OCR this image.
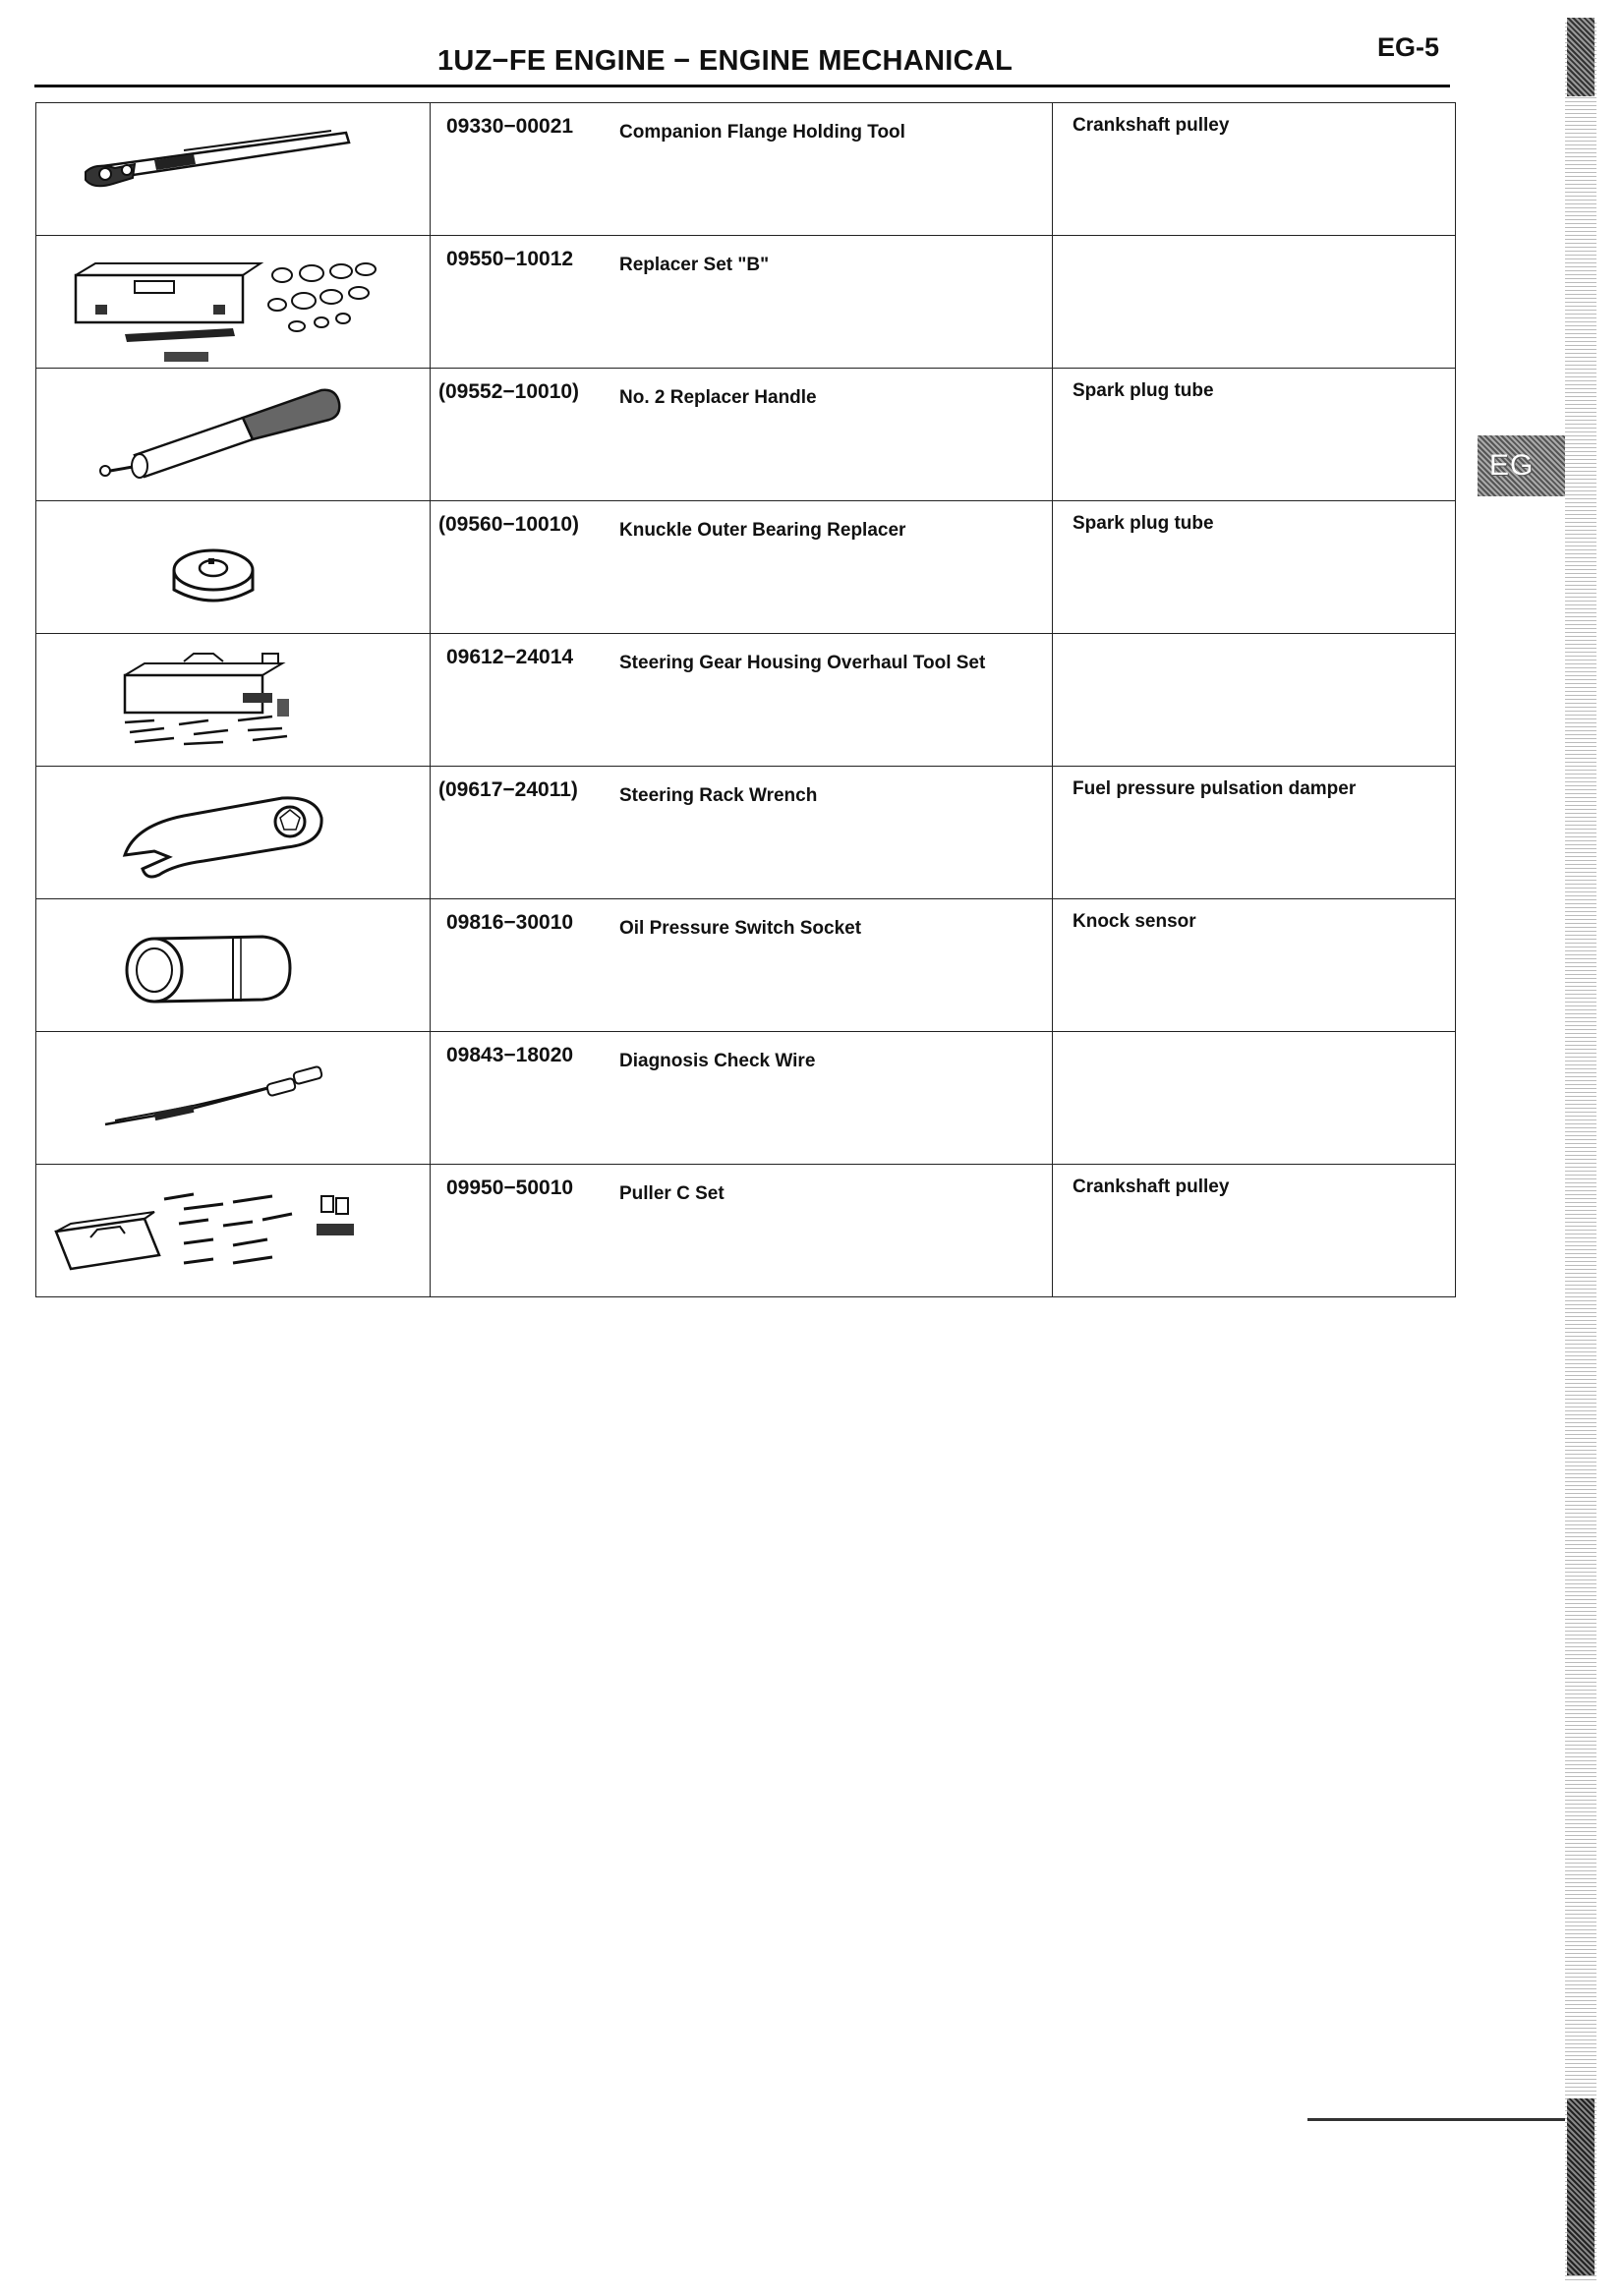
1UZ−FE ENGINE − ENGINE MECHANICAL	EG-5

09330−00021 Companion Flange Holding Tool	Crankshaft pulley

09550−10012 Replacer Set "B"	

(09552−10010) No. 2 Replacer Handle	Spark plug tube

(09560−10010) Knuckle Outer Bearing Replacer	Spark plug tube

09612−24014 Steering Gear Housing Overhaul Tool Set	

(09617−24011) Steering Rack Wrench	Fuel pressure pulsation damper

09816−30010 Oil Pressure Switch Socket	Knock sensor

09843−18020 Diagnosis Check Wire	

09950−50010 Puller C Set	Crankshaft pulley
EG
